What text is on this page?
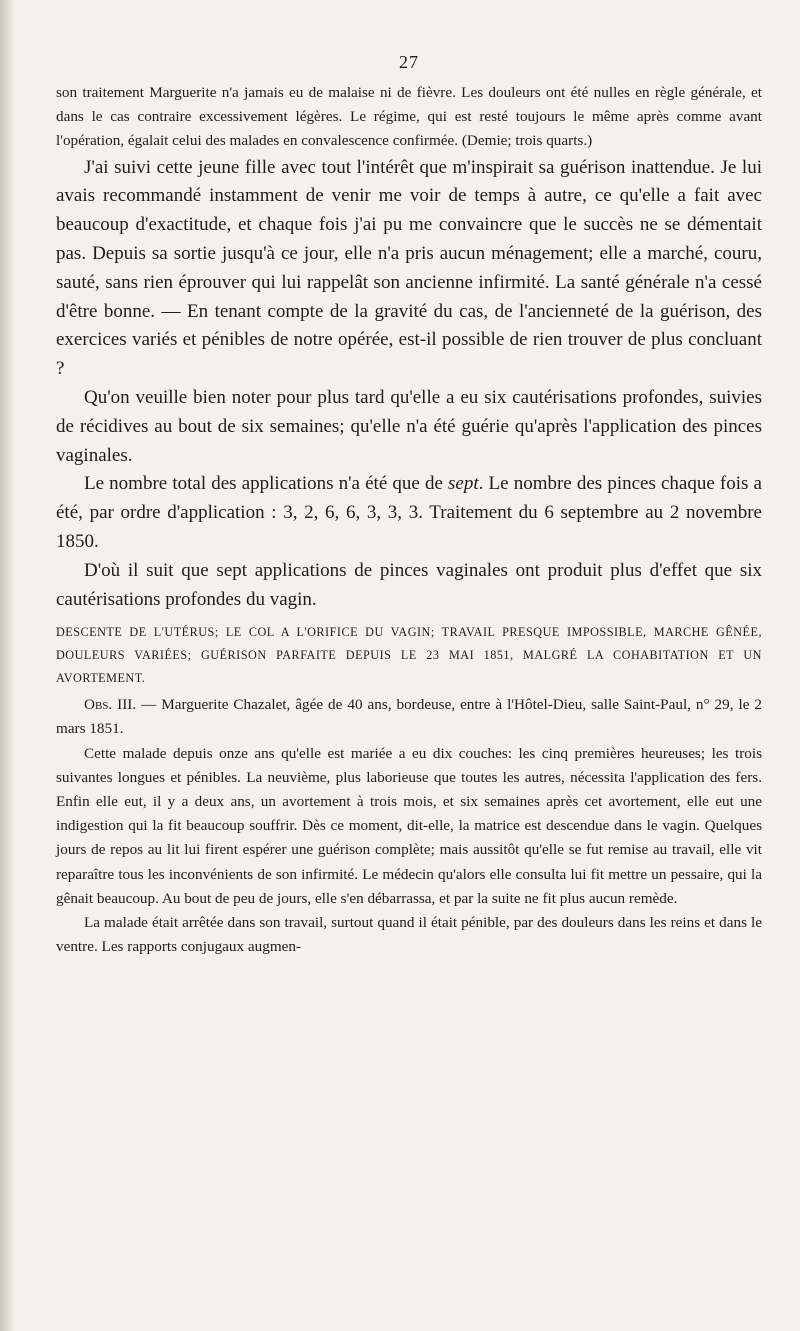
27

son traitement Marguerite n'a jamais eu de malaise ni de fièvre. Les douleurs ont été nulles en règle générale, et dans le cas contraire excessivement légères. Le régime, qui est resté toujours le même après comme avant l'opération, égalait celui des malades en convalescence confirmée. (Demie; trois quarts.)

J'ai suivi cette jeune fille avec tout l'intérêt que m'inspirait sa guérison inattendue. Je lui avais recommandé instamment de venir me voir de temps à autre, ce qu'elle a fait avec beaucoup d'exactitude, et chaque fois j'ai pu me convaincre que le succès ne se démentait pas. Depuis sa sortie jusqu'à ce jour, elle n'a pris aucun ménagement; elle a marché, couru, sauté, sans rien éprouver qui lui rappelât son ancienne infirmité. La santé générale n'a cessé d'être bonne. — En tenant compte de la gravité du cas, de l'ancienneté de la guérison, des exercices variés et pénibles de notre opérée, est-il possible de rien trouver de plus concluant ?

Qu'on veuille bien noter pour plus tard qu'elle a eu six cautérisations profondes, suivies de récidives au bout de six semaines; qu'elle n'a été guérie qu'après l'application des pinces vaginales.

Le nombre total des applications n'a été que de sept. Le nombre des pinces chaque fois a été, par ordre d'application : 3, 2, 6, 6, 3, 3, 3. Traitement du 6 septembre au 2 novembre 1850.

D'où il suit que sept applications de pinces vaginales ont produit plus d'effet que six cautérisations profondes du vagin.

DESCENTE DE L'UTÉRUS; LE COL A L'ORIFICE DU VAGIN; TRAVAIL PRESQUE IMPOSSIBLE, MARCHE GÊNÉE, DOULEURS VARIÉES; GUÉRISON PARFAITE DEPUIS LE 23 MAI 1851, MALGRÉ LA COHABITATION ET UN AVORTEMENT.

Obs. III. — Marguerite Chazalet, âgée de 40 ans, bordeuse, entre à l'Hôtel-Dieu, salle Saint-Paul, n° 29, le 2 mars 1851.

Cette malade depuis onze ans qu'elle est mariée a eu dix couches: les cinq premières heureuses; les trois suivantes longues et pénibles. La neuvième, plus laborieuse que toutes les autres, nécessita l'application des fers. Enfin elle eut, il y a deux ans, un avortement à trois mois, et six semaines après cet avortement, elle eut une indigestion qui la fit beaucoup souffrir. Dès ce moment, dit-elle, la matrice est descendue dans le vagin. Quelques jours de repos au lit lui firent espérer une guérison complète; mais aussitôt qu'elle se fut remise au travail, elle vit reparaître tous les inconvénients de son infirmité. Le médecin qu'alors elle consulta lui fit mettre un pessaire, qui la gênait beaucoup. Au bout de peu de jours, elle s'en débarrassa, et par la suite ne fit plus aucun remède.

La malade était arrêtée dans son travail, surtout quand il était pénible, par des douleurs dans les reins et dans le ventre. Les rapports conjugaux augmen-
